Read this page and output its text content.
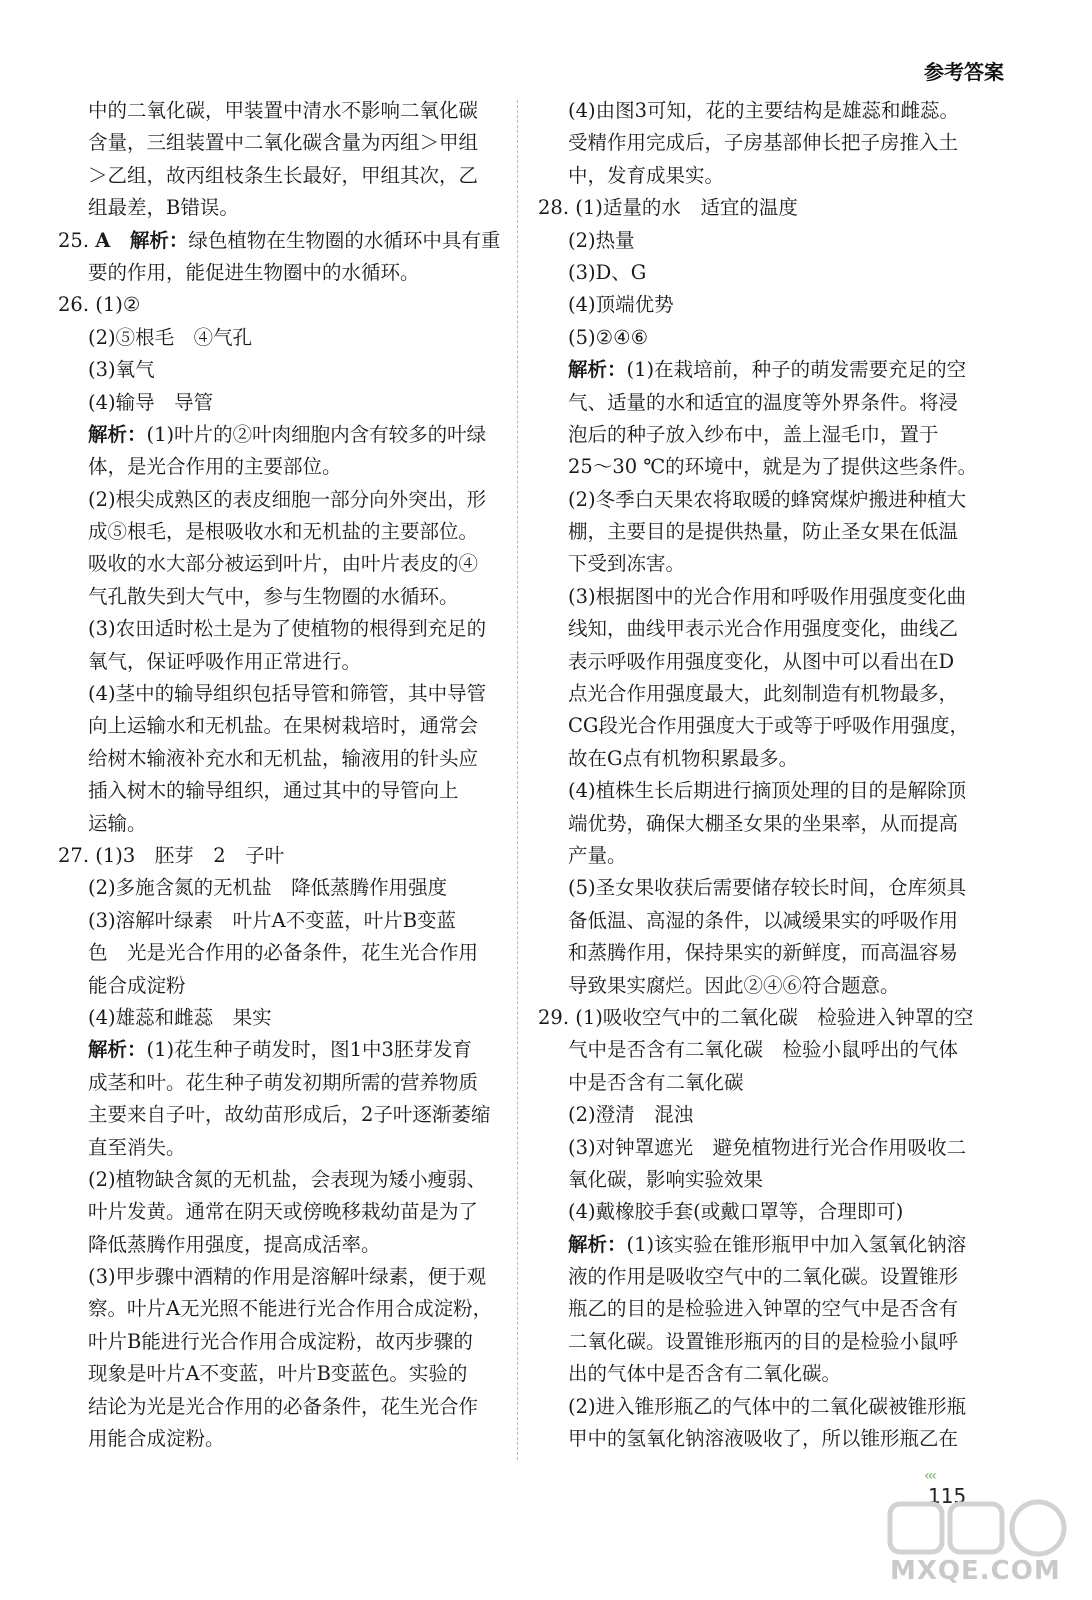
参考答案
中的二氧化碳，甲装置中清水不影响二氧化碳
含量，三组装置中二氧化碳含量为丙组＞甲组
＞乙组，故丙组枝条生长最好，甲组其次，乙
组最差，B错误。
25. A　 解析：绿色植物在生物圈的水循环中具有重
要的作用，能促进生物圈中的水循环。
26. (1)②
(2)⑤根毛　④气孔
(3)氧气
(4)输导　导管
解析：(1)叶片的②叶肉细胞内含有较多的叶绿
体，是光合作用的主要部位。
(2)根尖成熟区的表皮细胞一部分向外突出，形
成⑤根毛，是根吸收水和无机盐的主要部位。
吸收的水大部分被运到叶片，由叶片表皮的④
气孔散失到大气中，参与生物圈的水循环。
(3)农田适时松土是为了使植物的根得到充足的
氧气，保证呼吸作用正常进行。
(4)茎中的输导组织包括导管和筛管，其中导管
向上运输水和无机盐。在果树栽培时，通常会
给树木输液补充水和无机盐，输液用的针头应
插入树木的输导组织，通过其中的导管向上
运输。
27. (1)3　胚芽　2　子叶
(2)多施含氮的无机盐　降低蒸腾作用强度
(3)溶解叶绿素　叶片A不变蓝，叶片B变蓝
色　光是光合作用的必备条件，花生光合作用
能合成淀粉
(4)雄蕊和雌蕊　果实
解析：(1)花生种子萌发时，图1中3胚芽发育
成茎和叶。花生种子萌发初期所需的营养物质
主要来自子叶，故幼苗形成后，2子叶逐渐萎缩
直至消失。
(2)植物缺含氮的无机盐，会表现为矮小瘦弱、
叶片发黄。通常在阴天或傍晚移栽幼苗是为了
降低蒸腾作用强度，提高成活率。
(3)甲步骤中酒精的作用是溶解叶绿素，便于观
察。叶片A无光照不能进行光合作用合成淀粉，
叶片B能进行光合作用合成淀粉，故丙步骤的
现象是叶片A不变蓝，叶片B变蓝色。实验的
结论为光是光合作用的必备条件，花生光合作
用能合成淀粉。
(4)由图3可知，花的主要结构是雄蕊和雌蕊。
受精作用完成后，子房基部伸长把子房推入土
中，发育成果实。
28. (1)适量的水　适宜的温度
(2)热量
(3)D、G
(4)顶端优势
(5)②④⑥
解析：(1)在栽培前，种子的萌发需要充足的空
气、适量的水和适宜的温度等外界条件。将浸
泡后的种子放入纱布中，盖上湿毛巾，置于
25～30 ℃的环境中，就是为了提供这些条件。
(2)冬季白天果农将取暖的蜂窝煤炉搬进种植大
棚，主要目的是提供热量，防止圣女果在低温
下受到冻害。
(3)根据图中的光合作用和呼吸作用强度变化曲
线知，曲线甲表示光合作用强度变化，曲线乙
表示呼吸作用强度变化，从图中可以看出在D
点光合作用强度最大，此刻制造有机物最多，
CG段光合作用强度大于或等于呼吸作用强度，
故在G点有机物积累最多。
(4)植株生长后期进行摘顶处理的目的是解除顶
端优势，确保大棚圣女果的坐果率，从而提高
产量。
(5)圣女果收获后需要储存较长时间，仓库须具
备低温、高湿的条件，以减缓果实的呼吸作用
和蒸腾作用，保持果实的新鲜度，而高温容易
导致果实腐烂。因此②④⑥符合题意。
29. (1)吸收空气中的二氧化碳　检验进入钟罩的空
气中是否含有二氧化碳　检验小鼠呼出的气体
中是否含有二氧化碳
(2)澄清　混浊
(3)对钟罩遮光　避免植物进行光合作用吸收二
氧化碳，影响实验效果
(4)戴橡胶手套(或戴口罩等，合理即可)
解析：(1)该实验在锥形瓶甲中加入氢氧化钠溶
液的作用是吸收空气中的二氧化碳。设置锥形
瓶乙的目的是检验进入钟罩的空气中是否含有
二氧化碳。设置锥形瓶丙的目的是检验小鼠呼
出的气体中是否含有二氧化碳。
(2)进入锥形瓶乙的气体中的二氧化碳被锥形瓶
甲中的氢氧化钠溶液吸收了，所以锥形瓶乙在
‹‹‹
115
MXQE.COM
